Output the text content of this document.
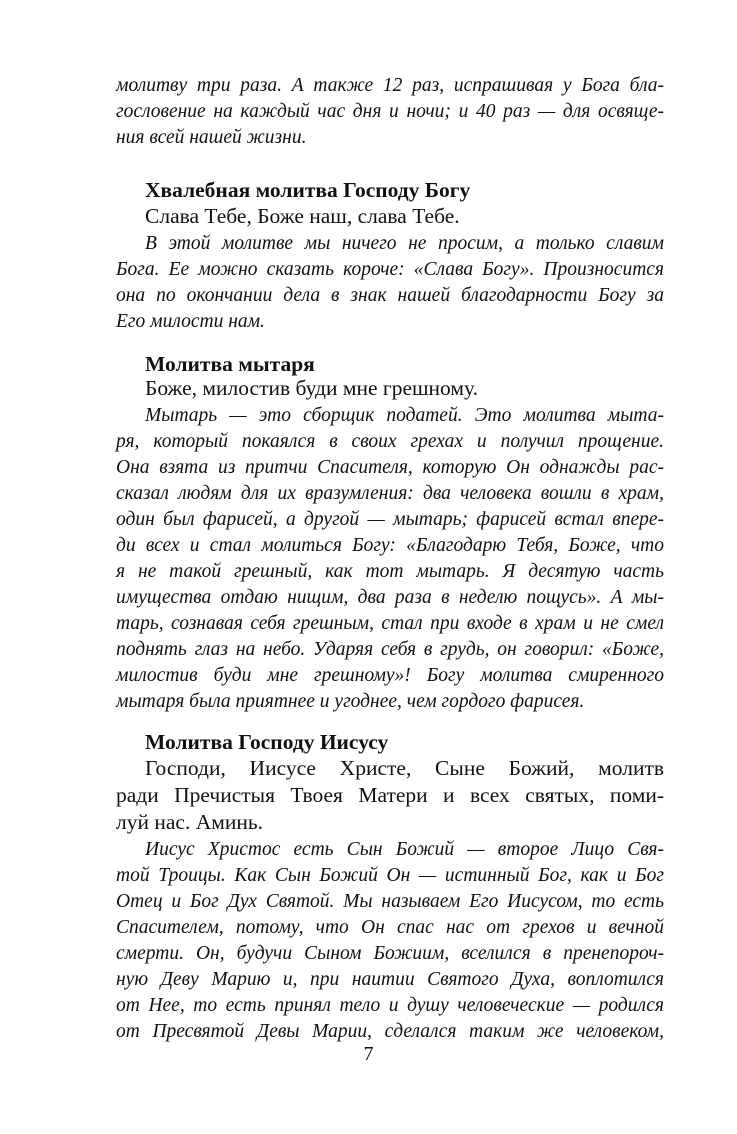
молитву три раза. А также 12 раз, испрашивая у Бога бла-
гословение на каждый час дня и ночи; и 40 раз — для освяще-
ния всей нашей жизни.
Хвалебная молитва Господу Богу
Слава Тебе, Боже наш, слава Тебе.
В этой молитве мы ничего не просим, а только славим
Бога. Ее можно сказать короче: «Слава Богу». Произносится
она по окончании дела в знак нашей благодарности Богу за
Его милости нам.
Молитва мытаря
Боже, милостив буди мне грешному.
Мытарь — это сборщик податей. Это молитва мыта-
ря, который покаялся в своих грехах и получил прощение.
Она взята из притчи Спасителя, которую Он однажды рас-
сказал людям для их вразумления: два человека вошли в храм,
один был фарисей, а другой — мытарь; фарисей встал впере-
ди всех и стал молиться Богу: «Благодарю Тебя, Боже, что
я не такой грешный, как тот мытарь. Я десятую часть
имущества отдаю нищим, два раза в неделю пощусь». А мы-
тарь, сознавая себя грешным, стал при входе в храм и не смел
поднять глаз на небо. Ударяя себя в грудь, он говорил: «Боже,
милостив буди мне грешному»! Богу молитва смиренного
мытаря была приятнее и угоднее, чем гордого фарисея.
Молитва Господу Иисусу
Господи, Иисусе Христе, Сыне Божий, молитв
ради Пречистыя Твоея Матери и всех святых, поми-
луй нас. Аминь.
Иисус Христос есть Сын Божий — второе Лицо Свя-
той Троицы. Как Сын Божий Он — истинный Бог, как и Бог
Отец и Бог Дух Святой. Мы называем Его Иисусом, то есть
Спасителем, потому, что Он спас нас от грехов и вечной
смерти. Он, будучи Сыном Божиим, вселился в пренепороч-
ную Деву Марию и, при наитии Святого Духа, воплотился
от Нее, то есть принял тело и душу человеческие — родился
от Пресвятой Девы Марии, сделался таким же человеком,
7
